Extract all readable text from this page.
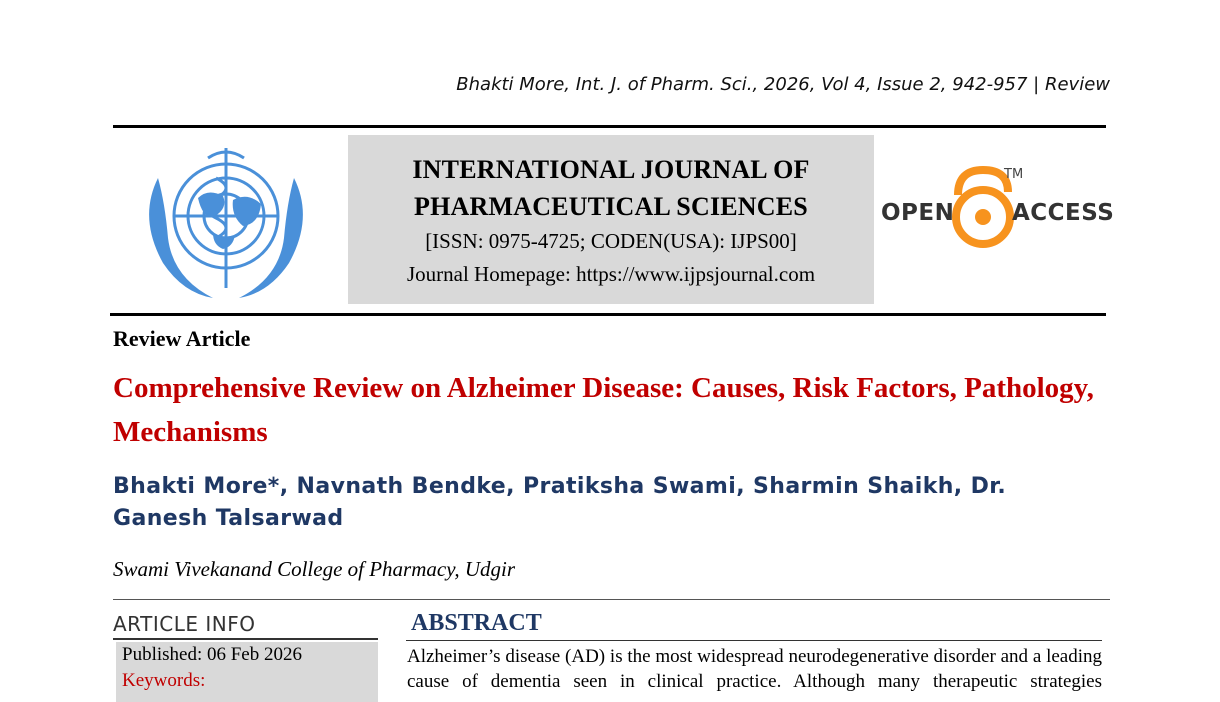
Bhakti More, Int. J. of Pharm. Sci., 2026, Vol 4, Issue 2, 942-957 | Review
INTERNATIONAL JOURNAL OF
PHARMACEUTICAL SCIENCES
[ISSN: 0975-4725; CODEN(USA): IJPS00]
Journal Homepage: https://www.ijpsjournal.com
OPEN	ACCESS
TM
Review Article
Comprehensive Review on Alzheimer Disease: Causes, Risk Factors, Pathology, Mechanisms
Bhakti More*, Navnath Bendke, Pratiksha Swami, Sharmin Shaikh, Dr. Ganesh Talsarwad
Swami Vivekanand College of Pharmacy, Udgir
ARTICLE INFO
Published: 06 Feb 2026
Keywords:
ABSTRACT
Alzheimer’s disease (AD) is the most widespread neurodegenerative disorder and a leading cause of dementia seen in clinical practice. Although many therapeutic strategies
